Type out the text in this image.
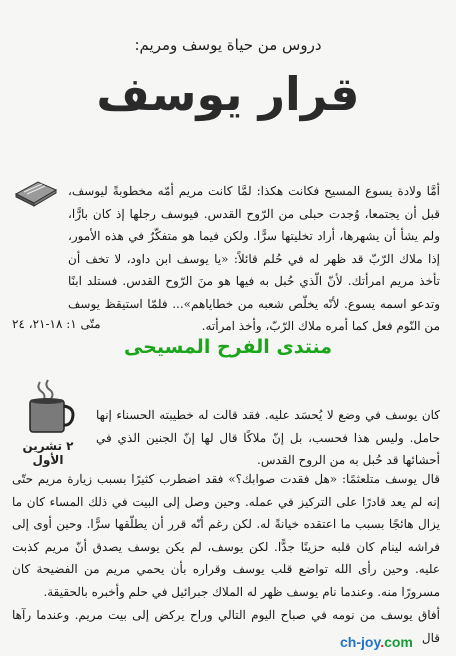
دروس من حياة يوسف ومريم:
قرار يوسف

أمَّا ولادة يسوع المسيح فكانت هكذا: لمَّا كانت مريم أمّه مخطوبةً ليوسف، قبل أن يجتمعا، وُجدت حبلى من الرّوح القدس. فيوسف رجلها إذ كان بارًّا، ولم يشأ أن يشهرها، أراد تخليتها سرًّا. ولكن فيما هو متفكّرٌ في هذه الأمور، إذا ملاك الرّبّ قد ظهر له في حُلم قائلاً: «يا يوسف ابن داود، لا تخف أن تأخذ مريم امرأتك. لأنّ الّذي حُبل به فيها هو منَ الرّوح القدس. فستلد ابنًا وتدعو اسمه يسوع. لأنّه يخلّص شعبه من خطاياهم»... فلمّا استيقظ يوسف من النّوم فعل كما أمره ملاك الرّبّ، وأخذ امرأته.

متّى ١: ١٨-٢١، ٢٤
منتدى الفرح المسيحى
٢ تشرين الأول

كان يوسف في وضع لا يُحسَد عليه. فقد قالت له خطيبته الحسناء إنها حامل. وليس هذا فحسب، بل إنّ ملاكًا قال لها إنّ الجنين الذي في أحشائها قد حُبل به من الروح القدس.

قال يوسف متلعثمًا: «هل فقدت صوابك؟» فقد اضطرب كثيرًا بسبب زيارة مريم حتّى إنه لم يعد قادرًا على التركيز في عمله. وحين وصل إلى البيت في ذلك المساء كان ما يزال هائجًا بسبب ما اعتقده خيانةً له. لكن رغم أنّه قرر أن يطلّقها سرًّا. وحين أوى إلى فراشه لينام كان قلبه حزينًا جدًّا. لكن يوسف، لم يكن يوسف يصدق أنّ مريم كذبت عليه. وحين رأى الله تواضع قلب يوسف وقراره بأن يحمي مريم من الفضيحة كان مسرورًا منه. وعندما نام يوسف ظهر له الملاك جبرائيل في حلم وأخبره بالحقيقة.

أفاق يوسف من نومه في صباح اليوم التالي وراح يركض إلى بيت مريم. وعندما رآها قال

ch-joy.com
